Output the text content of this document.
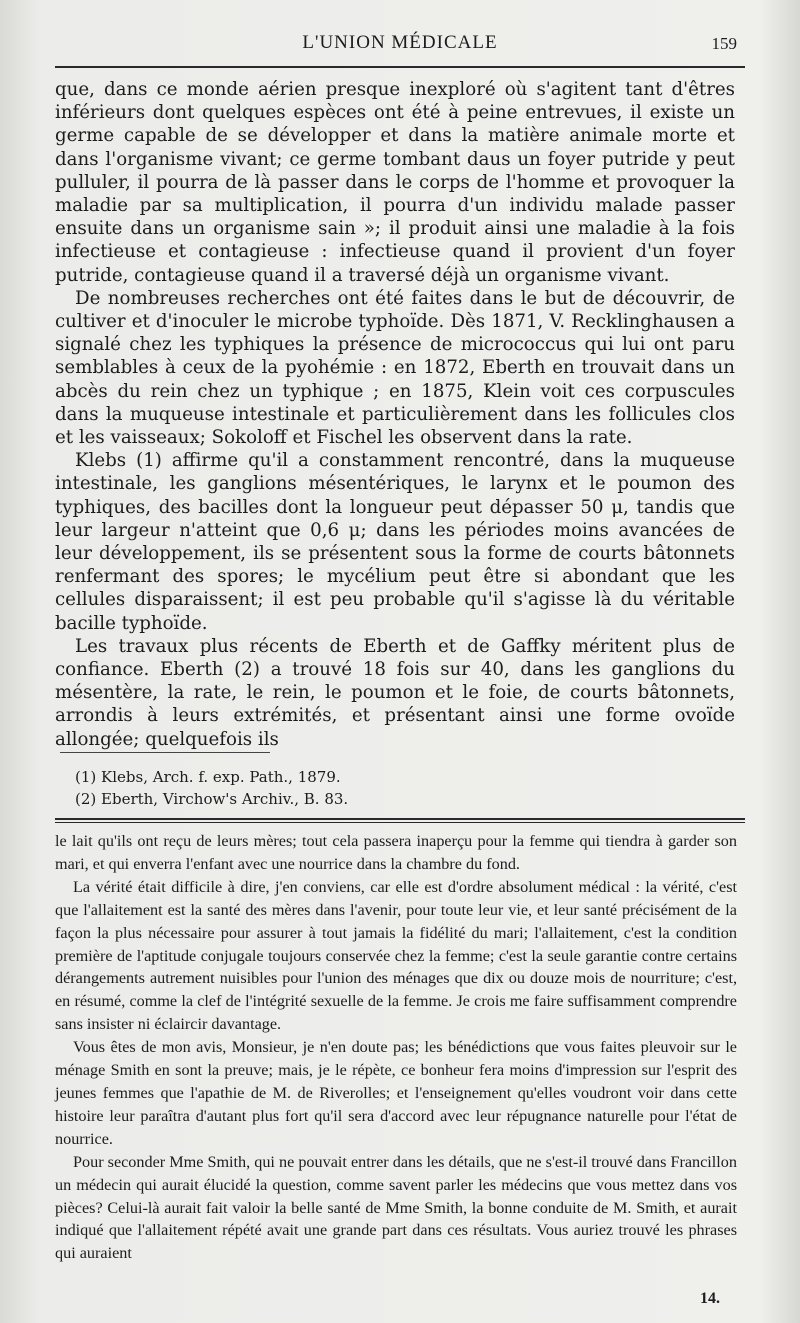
L'UNION MÉDICALE	159

que, dans ce monde aérien presque inexploré où s'agitent tant d'êtres inférieurs dont quelques espèces ont été à peine entrevues, il existe un germe capable de se développer et dans la matière animale morte et dans l'organisme vivant; ce germe tombant daus un foyer putride y peut pulluler, il pourra de là passer dans le corps de l'homme et provoquer la maladie par sa multiplication, il pourra d'un individu malade passer ensuite dans un organisme sain »; il produit ainsi une maladie à la fois infectieuse et contagieuse : infectieuse quand il provient d'un foyer putride, contagieuse quand il a traversé déjà un organisme vivant.

De nombreuses recherches ont été faites dans le but de découvrir, de cultiver et d'inoculer le microbe typhoïde. Dès 1871, V. Recklinghausen a signalé chez les typhiques la présence de micrococcus qui lui ont paru semblables à ceux de la pyohémie : en 1872, Eberth en trouvait dans un abcès du rein chez un typhique ; en 1875, Klein voit ces corpuscules dans la muqueuse intestinale et particulièrement dans les follicules clos et les vaisseaux; Sokoloff et Fischel les observent dans la rate.

Klebs (1) affirme qu'il a constamment rencontré, dans la muqueuse intestinale, les ganglions mésentériques, le larynx et le poumon des typhiques, des bacilles dont la longueur peut dépasser 50 μ, tandis que leur largeur n'atteint que 0,6 μ; dans les périodes moins avancées de leur développement, ils se présentent sous la forme de courts bâtonnets renfermant des spores; le mycélium peut être si abondant que les cellules disparaissent; il est peu probable qu'il s'agisse là du véritable bacille typhoïde.

Les travaux plus récents de Eberth et de Gaffky méritent plus de confiance. Eberth (2) a trouvé 18 fois sur 40, dans les ganglions du mésentère, la rate, le rein, le poumon et le foie, de courts bâtonnets, arrondis à leurs extrémités, et présentant ainsi une forme ovoïde allongée; quelquefois ils

(1) Klebs, Arch. f. exp. Path., 1879.
(2) Eberth, Virchow's Archiv., B. 83.

le lait qu'ils ont reçu de leurs mères; tout cela passera inaperçu pour la femme qui tiendra à garder son mari, et qui enverra l'enfant avec une nourrice dans la chambre du fond.

La vérité était difficile à dire, j'en conviens, car elle est d'ordre absolument médical : la vérité, c'est que l'allaitement est la santé des mères dans l'avenir, pour toute leur vie, et leur santé précisément de la façon la plus nécessaire pour assurer à tout jamais la fidélité du mari; l'allaitement, c'est la condition première de l'aptitude conjugale toujours conservée chez la femme; c'est la seule garantie contre certains dérangements autrement nuisibles pour l'union des ménages que dix ou douze mois de nourriture; c'est, en résumé, comme la clef de l'intégrité sexuelle de la femme. Je crois me faire suffisamment comprendre sans insister ni éclaircir davantage.

Vous êtes de mon avis, Monsieur, je n'en doute pas; les bénédictions que vous faites pleuvoir sur le ménage Smith en sont la preuve; mais, je le répète, ce bonheur fera moins d'impression sur l'esprit des jeunes femmes que l'apathie de M. de Riverolles; et l'enseignement qu'elles voudront voir dans cette histoire leur paraîtra d'autant plus fort qu'il sera d'accord avec leur répugnance naturelle pour l'état de nourrice.

Pour seconder Mme Smith, qui ne pouvait entrer dans les détails, que ne s'est-il trouvé dans Francillon un médecin qui aurait élucidé la question, comme savent parler les médecins que vous mettez dans vos pièces? Celui-là aurait fait valoir la belle santé de Mme Smith, la bonne conduite de M. Smith, et aurait indiqué que l'allaitement répété avait une grande part dans ces résultats. Vous auriez trouvé les phrases qui auraient

14.
